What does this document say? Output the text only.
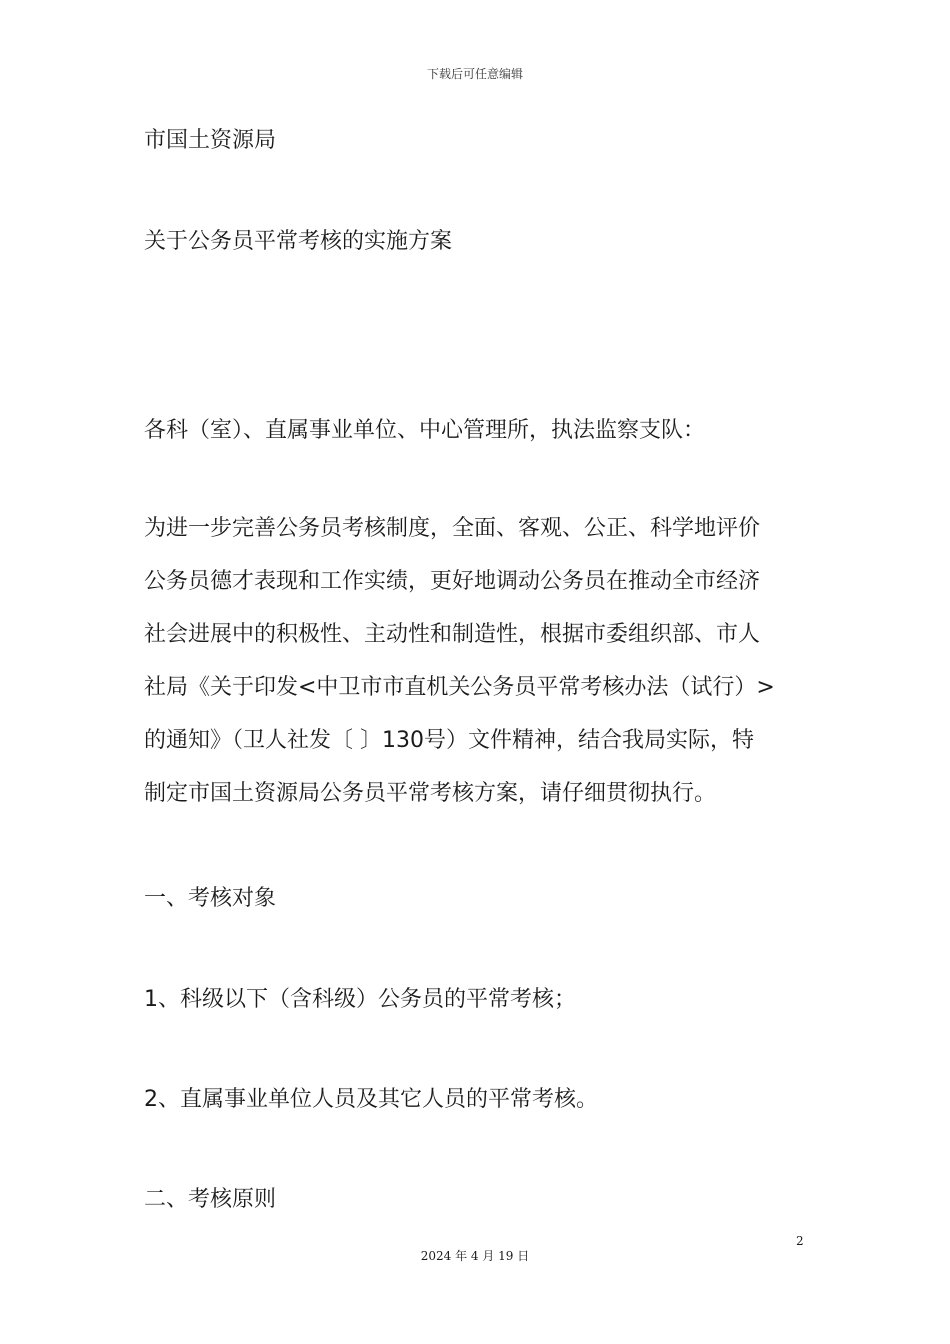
下载后可任意编辑
市国土资源局
关于公务员平常考核的实施方案
各科（室）、直属事业单位、中心管理所，执法监察支队：
为进一步完善公务员考核制度，全面、客观、公正、科学地评价
公务员德才表现和工作实绩，更好地调动公务员在推动全市经济
社会进展中的积极性、主动性和制造性，根据市委组织部、市人
社局《关于印发<中卫市市直机关公务员平常考核办法（试行）>
的通知》（卫人社发〔 〕130号）文件精神，结合我局实际，特
制定市国土资源局公务员平常考核方案，请仔细贯彻执行。
一、考核对象
1、科级以下（含科级）公务员的平常考核；
2、直属事业单位人员及其它人员的平常考核。
二、考核原则
2
2024 年 4 月 19 日
